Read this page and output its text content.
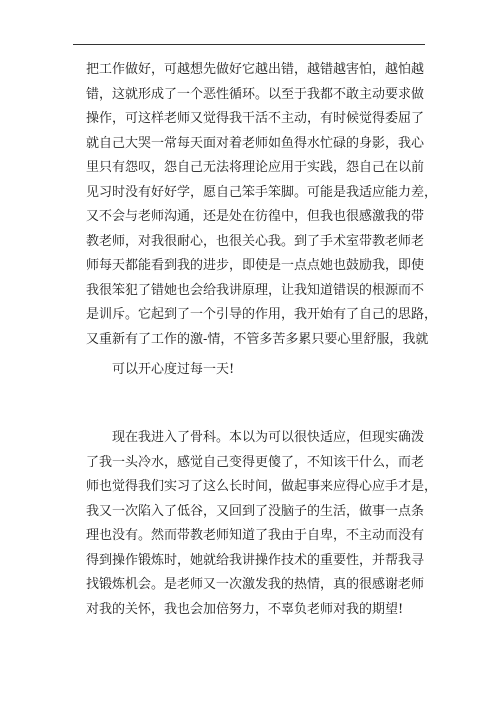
把工作做好，可越想先做好它越出错，越错越害怕，越怕越
错，这就形成了一个恶性循环。以至于我都不敢主动要求做
操作，可这样老师又觉得我干活不主动，有时候觉得委屈了
就自己大哭一常每天面对着老师如鱼得水忙碌的身影，我心
里只有怨叹，怨自己无法将理论应用于实践，怨自己在以前
见习时没有好好学，愿自己笨手笨脚。可能是我适应能力差，
又不会与老师沟通，还是处在彷徨中，但我也很感激我的带
教老师，对我很耐心，也很关心我。到了手术室带教老师老
师每天都能看到我的进步，即使是一点点她也鼓励我，即使
我很笨犯了错她也会给我讲原理，让我知道错误的根源而不
是训斥。它起到了一个引导的作用，我开始有了自己的思路，
又重新有了工作的激-情，不管多苦多累只要心里舒服，我就
可以开心度过每一天!
现在我进入了骨科。本以为可以很快适应，但现实确泼
了我一头冷水，感觉自己变得更傻了，不知该干什么，而老
师也觉得我们实习了这么长时间，做起事来应得心应手才是，
我又一次陷入了低谷，又回到了没脑子的生活，做事一点条
理也没有。然而带教老师知道了我由于自卑，不主动而没有
得到操作锻炼时，她就给我讲操作技术的重要性，并帮我寻
找锻炼机会。是老师又一次激发我的热情，真的很感谢老师
对我的关怀，我也会加倍努力，不辜负老师对我的期望!
